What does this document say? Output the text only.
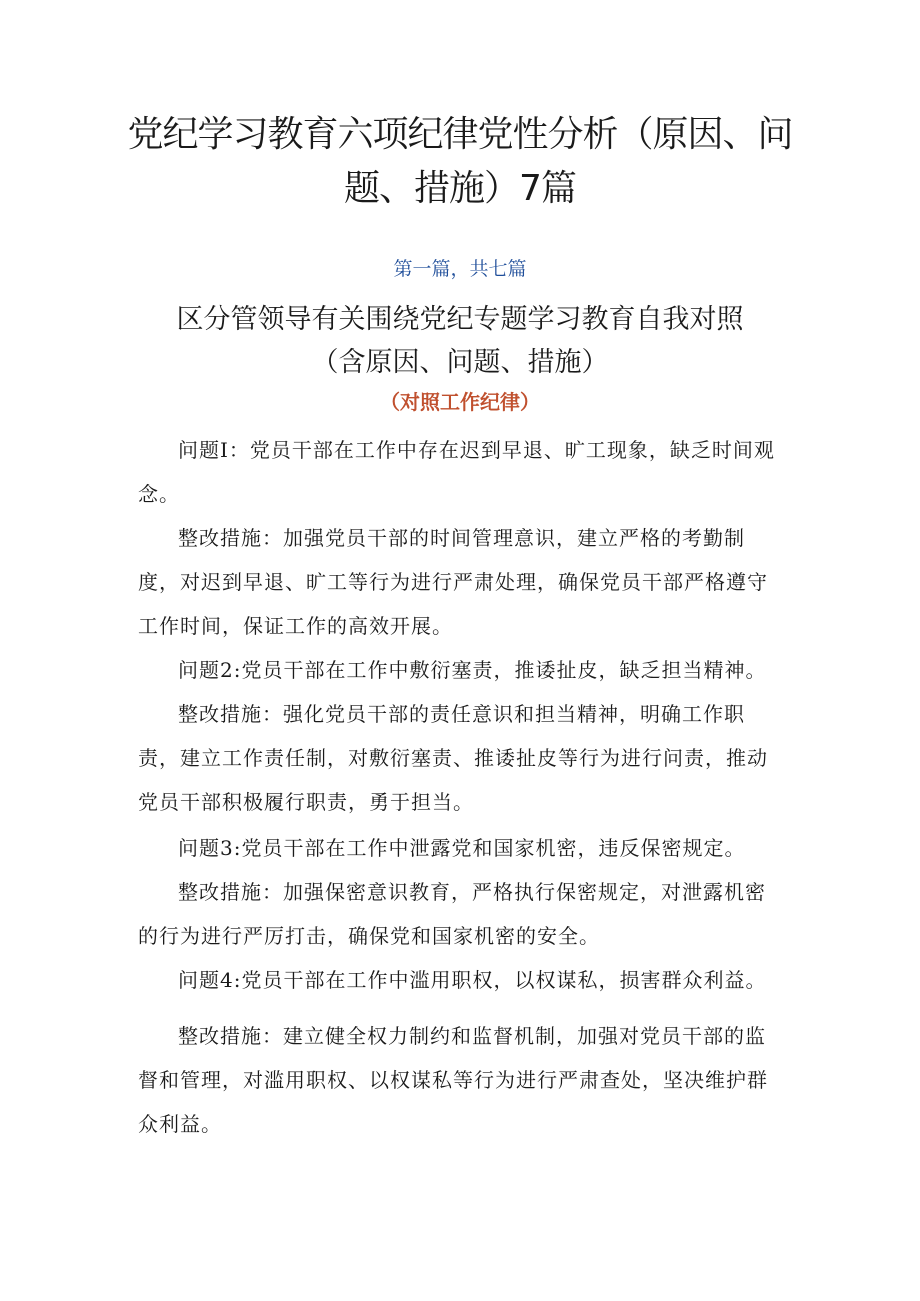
党纪学习教育六项纪律党性分析（原因、问题、措施）7篇
第一篇，共七篇
区分管领导有关围绕党纪专题学习教育自我对照（含原因、问题、措施）
（对照工作纪律）

问题I：党员干部在工作中存在迟到早退、旷工现象，缺乏时间观念。

整改措施：加强党员干部的时间管理意识，建立严格的考勤制度，对迟到早退、旷工等行为进行严肃处理，确保党员干部严格遵守工作时间，保证工作的高效开展。

问题2:党员干部在工作中敷衍塞责，推诿扯皮，缺乏担当精神。

整改措施：强化党员干部的责任意识和担当精神，明确工作职责，建立工作责任制，对敷衍塞责、推诿扯皮等行为进行问责，推动党员干部积极履行职责，勇于担当。

问题3:党员干部在工作中泄露党和国家机密，违反保密规定。

整改措施：加强保密意识教育，严格执行保密规定，对泄露机密的行为进行严厉打击，确保党和国家机密的安全。

问题4:党员干部在工作中滥用职权，以权谋私，损害群众利益。

整改措施：建立健全权力制约和监督机制，加强对党员干部的监督和管理，对滥用职权、以权谋私等行为进行严肃查处，坚决维护群众利益。
